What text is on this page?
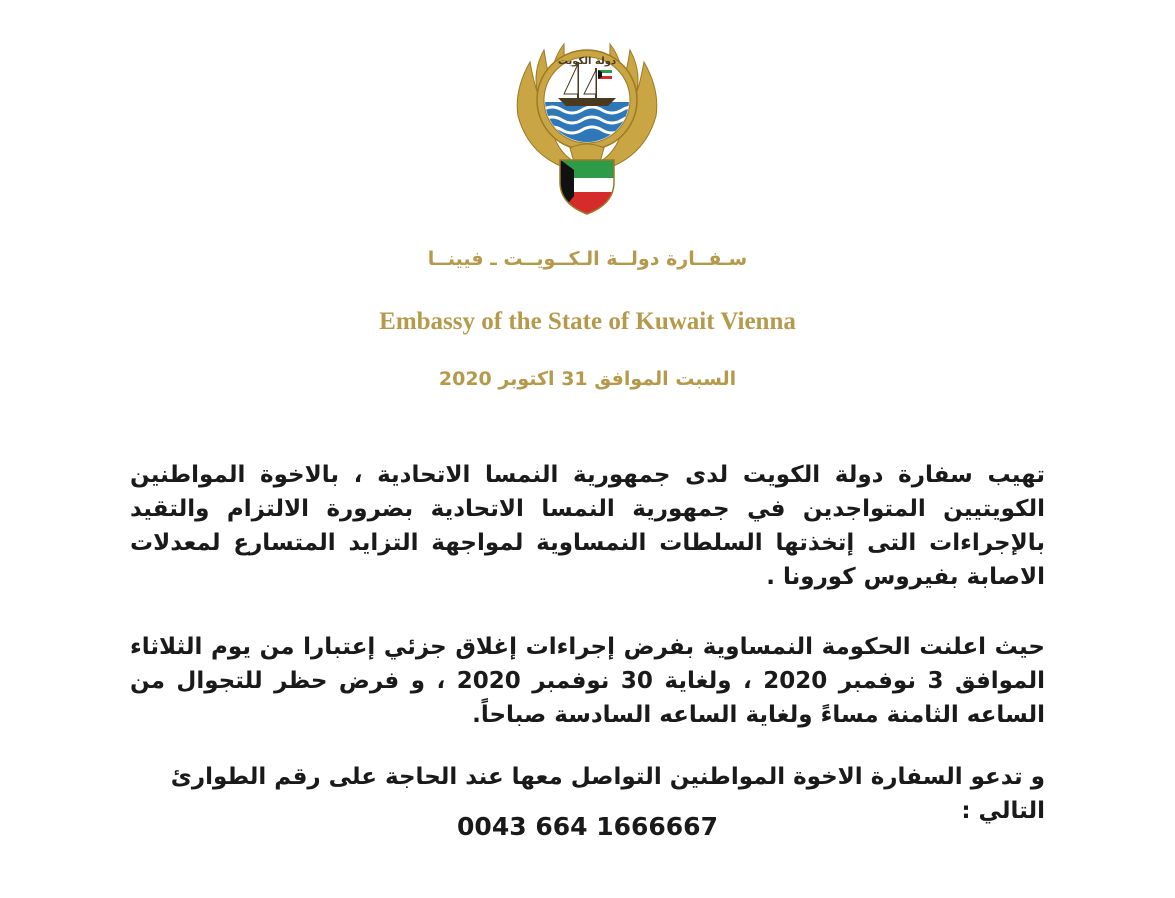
دولة الكويت
سـفــارة دولــة الـكــويــت ـ فيينــا
Embassy of the State of Kuwait Vienna
السبت الموافق 31 اكتوبر 2020

تهيب سفارة دولة الكويت لدى جمهورية النمسا الاتحادية ، بالاخوة المواطنين الكويتيين المتواجدين في جمهورية النمسا الاتحادية بضرورة الالتزام والتقيد بالإجراءات التى إتخذتها السلطات النمساوية لمواجهة التزايد المتسارع لمعدلات الاصابة بفيروس كورونا .

حيث اعلنت الحكومة النمساوية بفرض إجراءات إغلاق جزئي إعتبارا من يوم الثلاثاء الموافق 3 نوفمبر 2020 ، ولغاية 30 نوفمبر 2020 ، و فرض حظر للتجوال من الساعه الثامنة مساءً ولغاية الساعه السادسة صباحاً.

و تدعو السفارة الاخوة المواطنين التواصل معها عند الحاجة على رقم الطوارئ التالي :

0043 664 1666667
